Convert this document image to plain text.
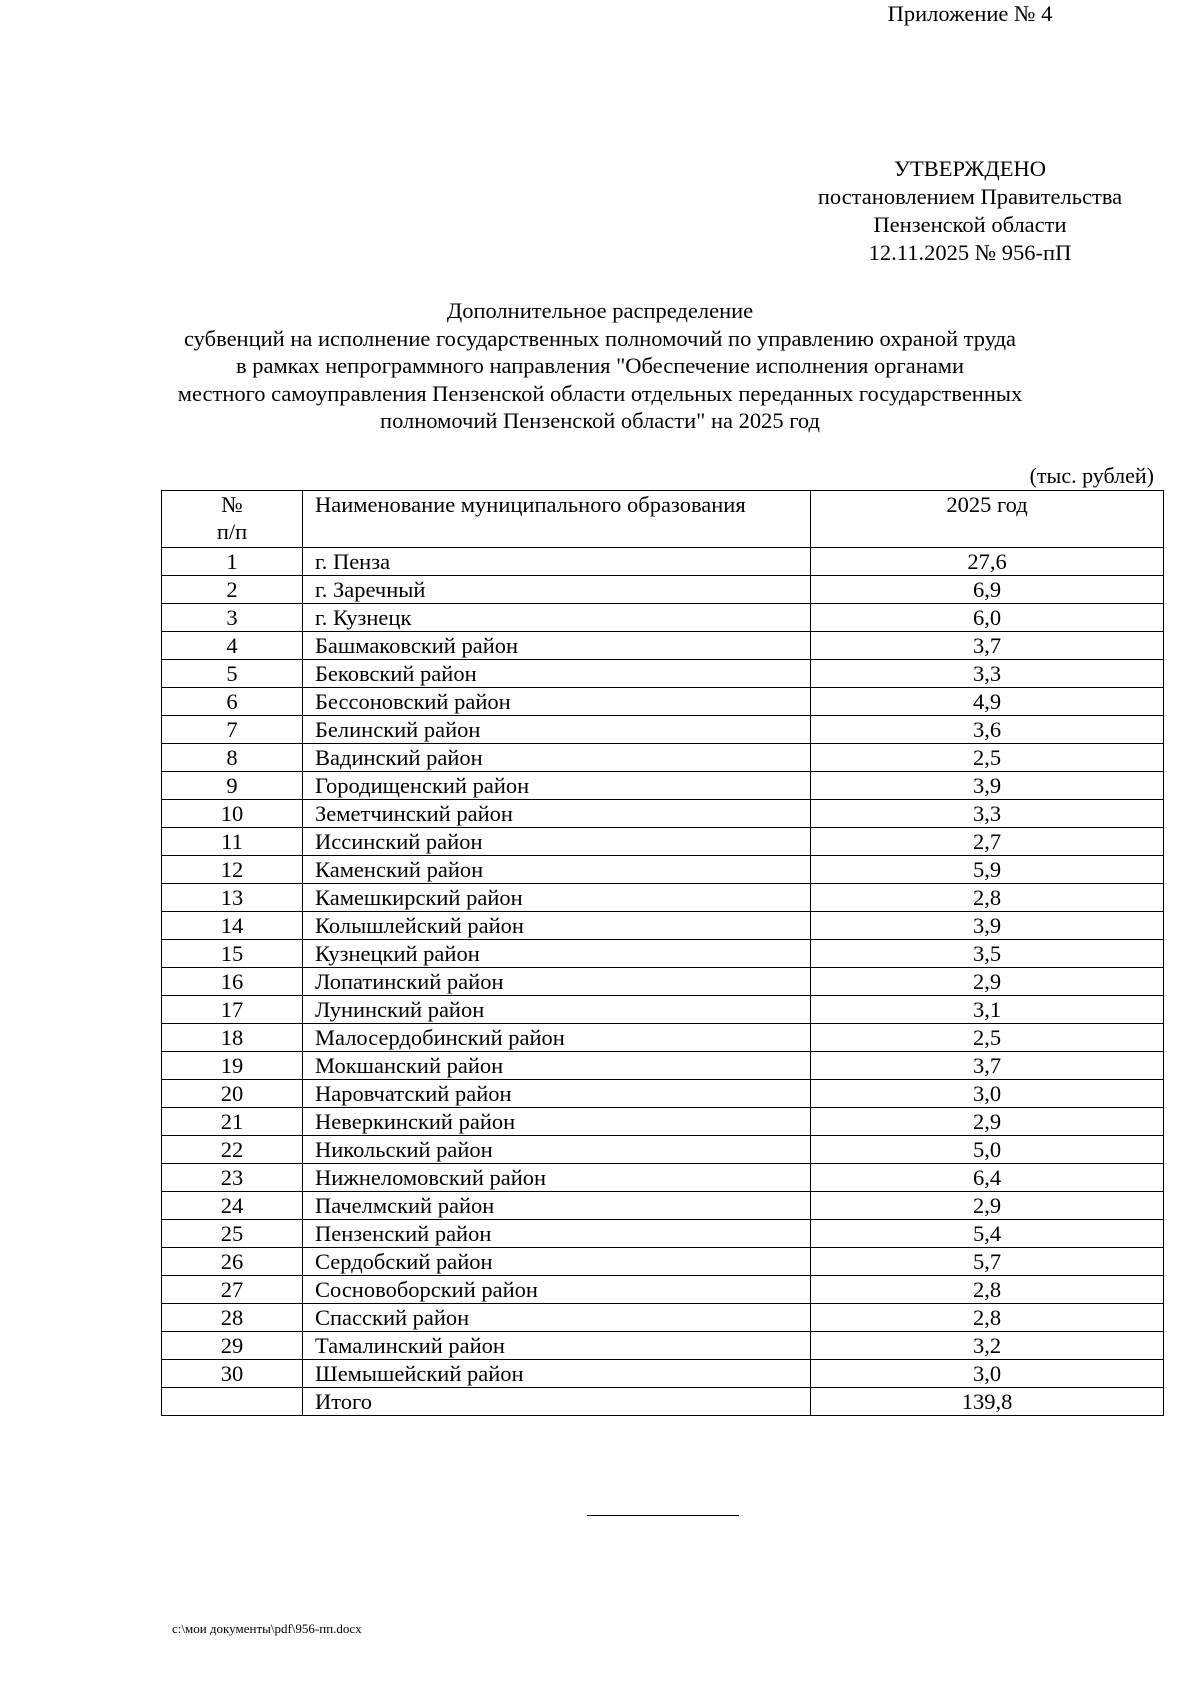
Приложение № 4
УТВЕРЖДЕНО
постановлением Правительства
Пензенской области
12.11.2025 № 956-пП
Дополнительное распределение
субвенций на исполнение государственных полномочий по управлению охраной труда
в рамках непрограммного направления "Обеспечение исполнения органами
местного самоуправления Пензенской области отдельных переданных государственных
полномочий Пензенской области" на 2025 год
(тыс. рублей)
№
п/п	Наименование муниципального образования	2025 год
1	г. Пенза	27,6
2	г. Заречный	6,9
3	г. Кузнецк	6,0
4	Башмаковский район	3,7
5	Бековский район	3,3
6	Бессоновский район	4,9
7	Белинский район	3,6
8	Вадинский район	2,5
9	Городищенский район	3,9
10	Земетчинский район	3,3
11	Иссинский район	2,7
12	Каменский район	5,9
13	Камешкирский район	2,8
14	Колышлейский район	3,9
15	Кузнецкий район	3,5
16	Лопатинский район	2,9
17	Лунинский район	3,1
18	Малосердобинский район	2,5
19	Мокшанский район	3,7
20	Наровчатский район	3,0
21	Неверкинский район	2,9
22	Никольский район	5,0
23	Нижнеломовский район	6,4
24	Пачелмский район	2,9
25	Пензенский район	5,4
26	Сердобский район	5,7
27	Сосновоборский район	2,8
28	Спасский район	2,8
29	Тамалинский район	3,2
30	Шемышейский район	3,0
	Итого	139,8
c:\мои документы\pdf\956-пп.docx
